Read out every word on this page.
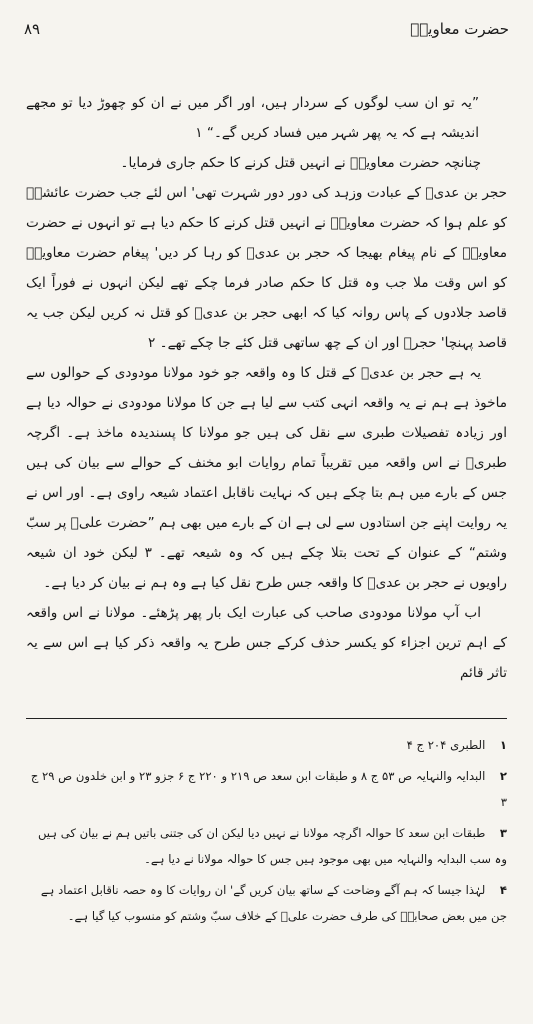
حضرت معاویہؓ
۸۹

”یہ تو ان سب لوگوں کے سردار ہیں، اور اگر میں نے ان کو چھوڑ دیا تو مجھے اندیشہ ہے کہ یہ پھر شہر میں فساد کریں گے۔“ ۱

چنانچہ حضرت معاویہؓ نے انہیں قتل کرنے کا حکم جاری فرمایا۔

حجر بن عدیؓ کے عبادت وزہد کی دور دور شہرت تھی' اس لئے جب حضرت عائشہؓ کو علم ہوا کہ حضرت معاویہؓ نے انہیں قتل کرنے کا حکم دیا ہے تو انہوں نے حضرت معاویہؓ کے نام پیغام بھیجا کہ حجر بن عدیؓ کو رہا کر دیں' پیغام حضرت معاویہؓ کو اس وقت ملا جب وہ قتل کا حکم صادر فرما چکے تھے لیکن انہوں نے فوراً ایک قاصد جلادوں کے پاس روانہ کیا کہ ابھی حجر بن عدیؓ کو قتل نہ کریں لیکن جب یہ قاصد پہنچا' حجرؓ اور ان کے چھ ساتھی قتل کئے جا چکے تھے۔ ۲

یہ ہے حجر بن عدیؓ کے قتل کا وہ واقعہ جو خود مولانا مودودی کے حوالوں سے ماخوذ ہے ہم نے یہ واقعہ انہی کتب سے لیا ہے جن کا مولانا مودودی نے حوالہ دیا ہے اور زیادہ تفصیلات طبری سے نقل کی ہیں جو مولانا کا پسندیدہ ماخذ ہے۔ اگرچہ طبریؒ نے اس واقعہ میں تقریباً تمام روایات ابو مخنف کے حوالے سے بیان کی ہیں جس کے بارے میں ہم بتا چکے ہیں کہ نہایت ناقابل اعتماد شیعہ راوی ہے۔ اور اس نے یہ روایت اپنے جن استادوں سے لی ہے ان کے بارے میں بھی ہم ”حضرت علیؓ پر سبّ وشتم“ کے عنوان کے تحت بتلا چکے ہیں کہ وہ شیعہ تھے۔ ۳ لیکن خود ان شیعہ راویوں نے حجر بن عدیؓ کا واقعہ جس طرح نقل کیا ہے وہ ہم نے بیان کر دیا ہے۔

اب آپ مولانا مودودی صاحب کی عبارت ایک بار پھر پڑھئے۔ مولانا نے اس واقعہ کے اہم ترین اجزاء کو یکسر حذف کرکے جس طرح یہ واقعہ ذکر کیا ہے اس سے یہ تاثر قائم

۱ الطبری ۲۰۴ ج ۴
۲ البدایہ والنہایہ ص ۵۳ ج ۸ و طبقات ابن سعد ص ۲۱۹ و ۲۲۰ ج ۶ جزو ۲۳ و ابن خلدون ص ۲۹ ج ۳
۳ طبقات ابن سعد کا حوالہ اگرچہ مولانا نے نہیں دیا لیکن ان کی جتنی باتیں ہم نے بیان کی ہیں وہ سب البدایہ والنہایہ میں بھی موجود ہیں جس کا حوالہ مولانا نے دیا ہے۔
۴ لہٰذا جیسا کہ ہم آگے وضاحت کے ساتھ بیان کریں گے' ان روایات کا وہ حصہ ناقابل اعتماد ہے جن میں بعض صحابہؓ کی طرف حضرت علیؓ کے خلاف سبّ وشتم کو منسوب کیا گیا ہے۔
